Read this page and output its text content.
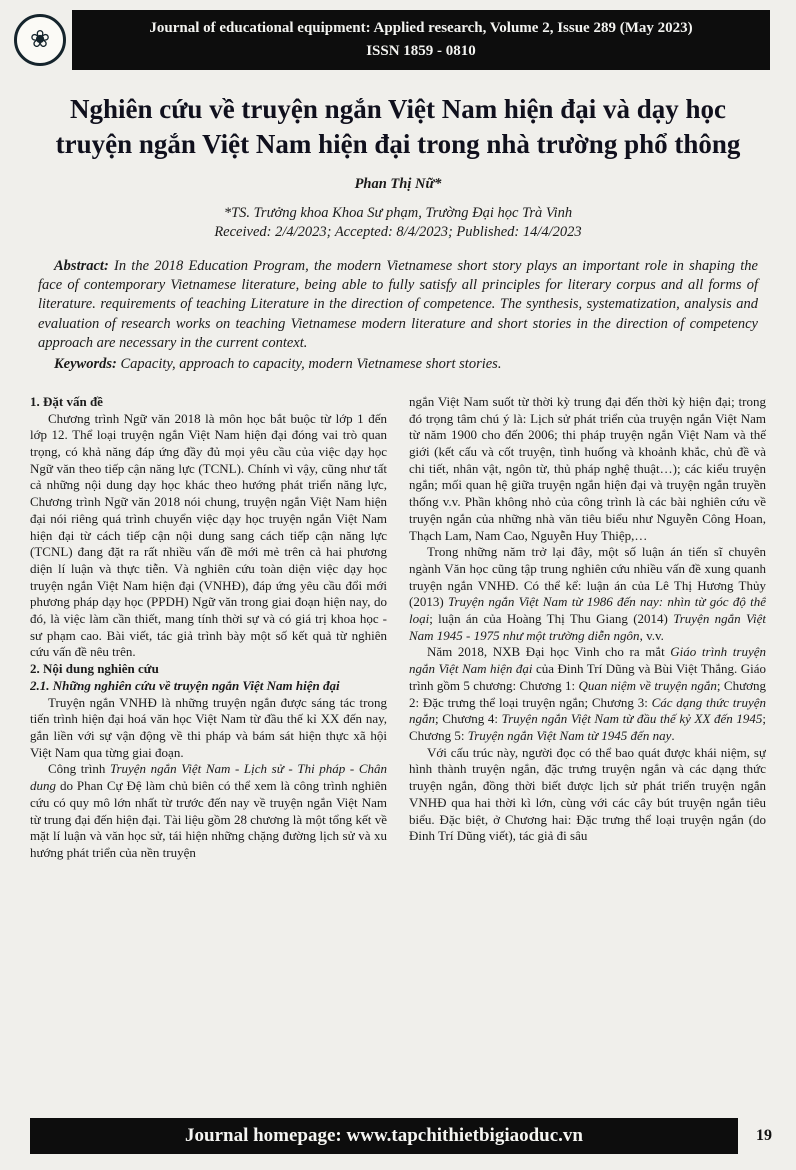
❀	Journal of educational equipment: Applied research, Volume 2, Issue 289 (May 2023)
ISSN 1859 - 0810
Nghiên cứu về truyện ngắn Việt Nam hiện đại và dạy học truyện ngắn Việt Nam hiện đại trong nhà trường phổ thông
Phan Thị Nữ*
*TS. Trưởng khoa Khoa Sư phạm, Trường Đại học Trà Vinh
Received: 2/4/2023; Accepted: 8/4/2023; Published: 14/4/2023
Abstract: In the 2018 Education Program, the modern Vietnamese short story plays an important role in shaping the face of contemporary Vietnamese literature, being able to fully satisfy all principles for literary corpus and all forms of literature. requirements of teaching Literature in the direction of competence. The synthesis, systematization, analysis and evaluation of research works on teaching Vietnamese modern literature and short stories in the direction of competency approach are necessary in the current context.
Keywords: Capacity, approach to capacity, modern Vietnamese short stories.

1. Đặt vấn đề

Chương trình Ngữ văn 2018 là môn học bắt buộc từ lớp 1 đến lớp 12. Thể loại truyện ngắn Việt Nam hiện đại đóng vai trò quan trọng, có khả năng đáp ứng đầy đủ mọi yêu cầu của việc dạy học Ngữ văn theo tiếp cận năng lực (TCNL). Chính vì vậy, cũng như tất cả những nội dung dạy học khác theo hướng phát triển năng lực, Chương trình Ngữ văn 2018 nói chung, truyện ngắn Việt Nam hiện đại nói riêng quá trình chuyển việc dạy học truyện ngắn Việt Nam hiện đại từ cách tiếp cận nội dung sang cách tiếp cận năng lực (TCNL) đang đặt ra rất nhiều vấn đề mới mẻ trên cả hai phương diện lí luận và thực tiễn. Và nghiên cứu toàn diện việc dạy học truyện ngắn Việt Nam hiện đại (VNHĐ), đáp ứng yêu cầu đổi mới phương pháp dạy học (PPDH) Ngữ văn trong giai đoạn hiện nay, do đó, là việc làm cần thiết, mang tính thời sự và có giá trị khoa học - sư phạm cao. Bài viết, tác giả trình bày một số kết quả từ nghiên cứu vấn đề nêu trên.

2. Nội dung nghiên cứu

2.1. Những nghiên cứu về truyện ngắn Việt Nam hiện đại

Truyện ngắn VNHĐ là những truyện ngắn được sáng tác trong tiến trình hiện đại hoá văn học Việt Nam từ đầu thế kỉ XX đến nay, gắn liền với sự vận động về thi pháp và bám sát hiện thực xã hội Việt Nam qua từng giai đoạn.

Công trình Truyện ngắn Việt Nam - Lịch sử - Thi pháp - Chân dung do Phan Cự Đệ làm chủ biên có thể xem là công trình nghiên cứu có quy mô lớn nhất từ trước đến nay về truyện ngắn Việt Nam từ trung đại đến hiện đại. Tài liệu gồm 28 chương là một tổng kết về mặt lí luận và văn học sử, tái hiện những chặng đường lịch sử và xu hướng phát triển của nền truyện

ngắn Việt Nam suốt từ thời kỳ trung đại đến thời kỳ hiện đại; trong đó trọng tâm chú ý là: Lịch sử phát triển của truyện ngắn Việt Nam từ năm 1900 cho đến 2006; thi pháp truyện ngắn Việt Nam và thế giới (kết cấu và cốt truyện, tình huống và khoảnh khắc, chủ đề và chi tiết, nhân vật, ngôn từ, thủ pháp nghệ thuật…); các kiểu truyện ngắn; mối quan hệ giữa truyện ngắn hiện đại và truyện ngắn truyền thống v.v. Phần không nhỏ của công trình là các bài nghiên cứu về truyện ngắn của những nhà văn tiêu biểu như Nguyễn Công Hoan, Thạch Lam, Nam Cao, Nguyễn Huy Thiệp,…

Trong những năm trở lại đây, một số luận án tiến sĩ chuyên ngành Văn học cũng tập trung nghiên cứu nhiều vấn đề xung quanh truyện ngắn VNHĐ. Có thể kể: luận án của Lê Thị Hương Thủy (2013) Truyện ngắn Việt Nam từ 1986 đến nay: nhìn từ góc độ thể loại; luận án của Hoàng Thị Thu Giang (2014) Truyện ngắn Việt Nam 1945 - 1975 như một trường diễn ngôn, v.v.

Năm 2018, NXB Đại học Vinh cho ra mắt Giáo trình truyện ngắn Việt Nam hiện đại của Đinh Trí Dũng và Bùi Việt Thắng. Giáo trình gồm 5 chương: Chương 1: Quan niệm về truyện ngắn; Chương 2: Đặc trưng thể loại truyện ngắn; Chương 3: Các dạng thức truyện ngắn; Chương 4: Truyện ngắn Việt Nam từ đầu thế kỷ XX đến 1945; Chương 5: Truyện ngắn Việt Nam từ 1945 đến nay.

Với cấu trúc này, người đọc có thể bao quát được khái niệm, sự hình thành truyện ngắn, đặc trưng truyện ngắn và các dạng thức truyện ngắn, đồng thời biết được lịch sử phát triển truyện ngắn VNHĐ qua hai thời kì lớn, cùng với các cây bút truyện ngắn tiêu biểu. Đặc biệt, ở Chương hai: Đặc trưng thể loại truyện ngắn (do Đinh Trí Dũng viết), tác giả đi sâu

Journal homepage: www.tapchithietbigiaoduc.vn	19
